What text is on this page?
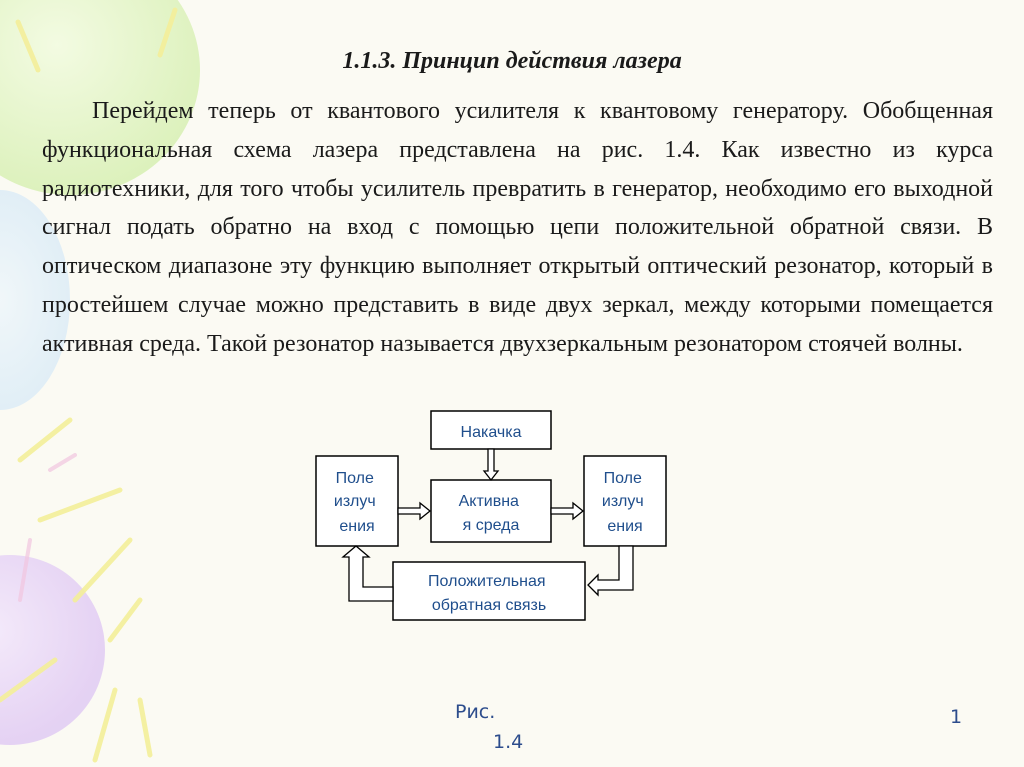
1.1.3. Принцип действия лазера

Перейдем теперь от квантового усилителя к квантовому генератору. Обобщенная функциональная схема лазера представлена на рис. 1.4. Как известно из курса радиотехники, для того чтобы усилитель превратить в генератор, необходимо его выходной сигнал подать обратно на вход с помощью цепи положительной обратной связи. В оптическом диапазоне эту функцию выполняет открытый оптический резонатор, который в простейшем случае можно представить в виде двух зеркал, между которыми помещается активная среда. Такой резонатор называется двухзеркальным резонатором стоячей волны.

Накачка
Поле излуч ения
Активна я среда
Поле излуч ения
Положительная обратная связь
Рис.
1.4
1
